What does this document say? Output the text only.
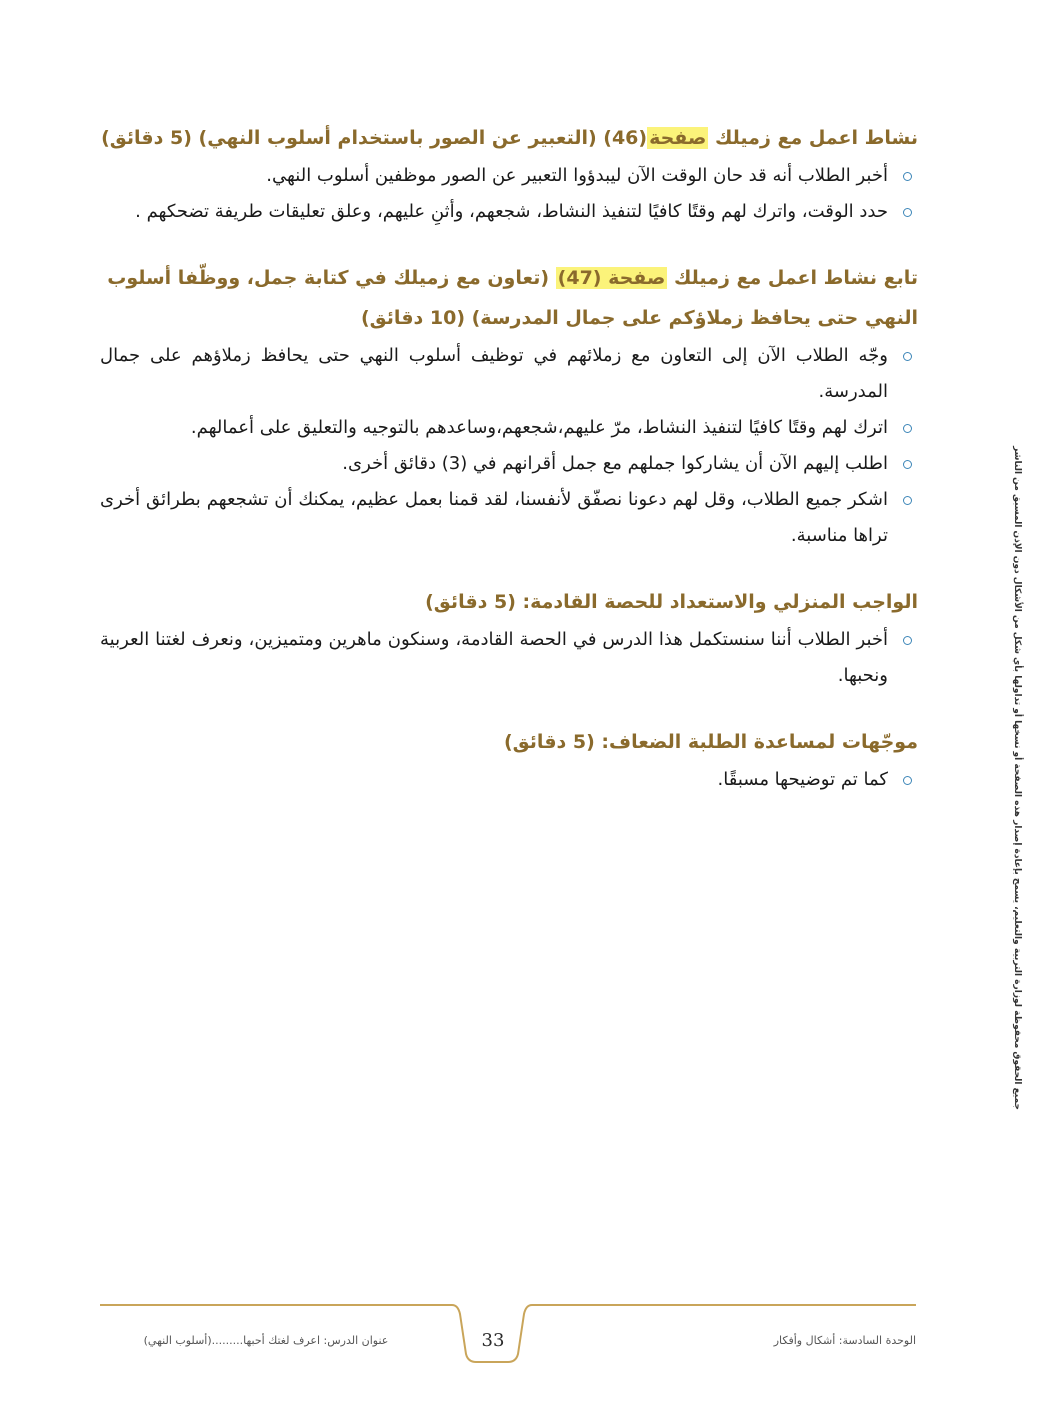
نشاط اعمل مع زميلك صفحة(46) (التعبير عن الصور باستخدام أسلوب النهي) (5 دقائق)

أخبر الطلاب أنه قد حان الوقت الآن ليبدؤوا التعبير عن الصور موظفين أسلوب النهي.
حدد الوقت، واترك لهم وقتًا كافيًا لتنفيذ النشاط، شجعهم، وأثنِ عليهم، وعلق تعليقات طريفة تضحكهم .

تابع نشاط اعمل مع زميلك صفحة (47) (تعاون مع زميلك في كتابة جمل، ووظّفا أسلوب النهي حتى يحافظ زملاؤكم على جمال المدرسة) (10 دقائق)

وجّه الطلاب الآن إلى التعاون مع زملائهم في توظيف أسلوب النهي حتى يحافظ زملاؤهم على جمال المدرسة.
اترك لهم وقتًا كافيًا لتنفيذ النشاط، مرّ عليهم،شجعهم،وساعدهم بالتوجيه والتعليق على أعمالهم.
اطلب إليهم الآن أن يشاركوا جملهم مع جمل أقرانهم في (3) دقائق أخرى.
اشكر جميع الطلاب، وقل لهم دعونا نصفّق لأنفسنا، لقد قمنا بعمل عظيم، يمكنك أن تشجعهم بطرائق أخرى تراها مناسبة.

الواجب المنزلي والاستعداد للحصة القادمة: (5 دقائق)

أخبر الطلاب أننا سنستكمل هذا الدرس في الحصة القادمة، وسنكون ماهرين ومتميزين، ونعرف لغتنا العربية ونحبها.

موجّهات لمساعدة الطلبة الضعاف: (5 دقائق)

كما تم توضيحها مسبقًا.	جميع الحقوق محفوظة لوزارة التربية والتعليم، يسمح بإعادة إصدار هذه الصفحة أو نسخها أو تداولها بأي شكل من الأشكال دون الإذن المسبق من الناشر
33
عنوان الدرس: اعرف لغتك أحبها.........(أسلوب النهي)	الوحدة السادسة: أشكال وأفكار
